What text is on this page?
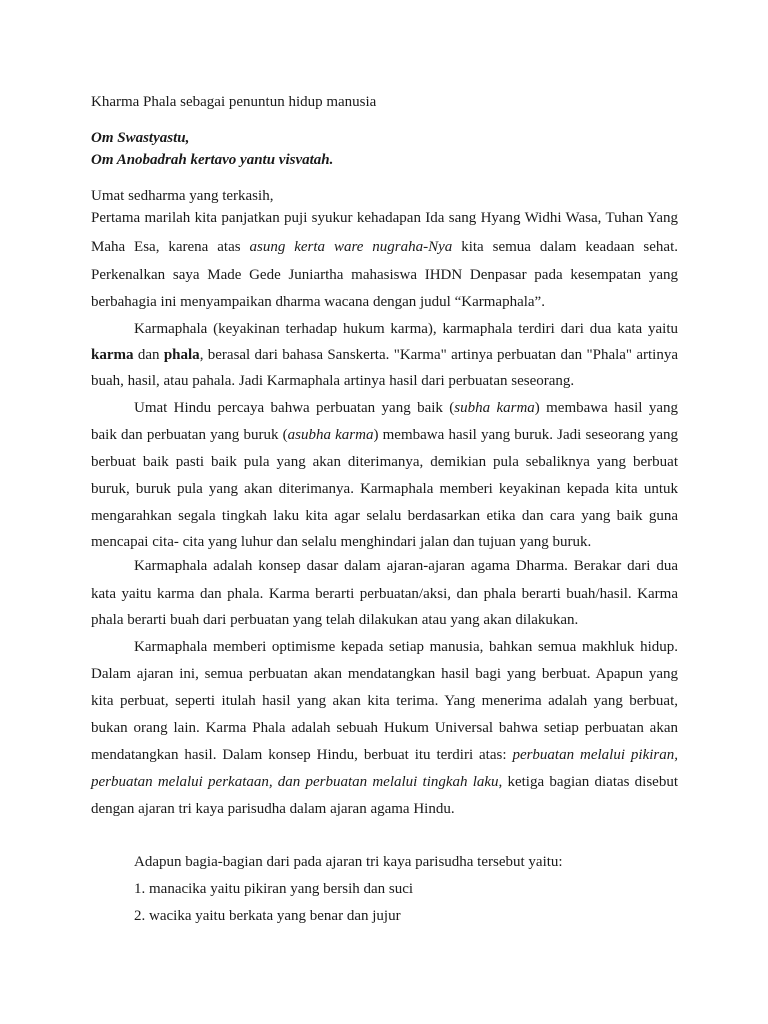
Kharma Phala sebagai penuntun hidup manusia
Om Swastyastu,
Om Anobadrah kertavo yantu visvatah.
Umat sedharma yang terkasih,
Pertama marilah kita panjatkan puji syukur kehadapan Ida sang Hyang Widhi Wasa, Tuhan Yang
Maha Esa, karena atas asung kerta ware nugraha-Nya kita semua dalam keadaan sehat.
Perkenalkan saya Made Gede Juniartha mahasiswa IHDN Denpasar pada kesempatan yang
berbahagia ini menyampaikan dharma wacana dengan judul “Karmaphala”.
Karmaphala (keyakinan terhadap hukum karma), karmaphala terdiri dari dua kata yaitu
karma dan phala, berasal dari bahasa Sanskerta. "Karma" artinya perbuatan dan "Phala" artinya
buah, hasil, atau pahala. Jadi Karmaphala artinya hasil dari perbuatan seseorang.
Umat Hindu percaya bahwa perbuatan yang baik (subha karma) membawa hasil yang
baik dan perbuatan yang buruk (asubha karma) membawa hasil yang buruk. Jadi seseorang yang
berbuat baik pasti baik pula yang akan diterimanya, demikian pula sebaliknya yang berbuat
buruk, buruk pula yang akan diterimanya. Karmaphala memberi keyakinan kepada kita untuk
mengarahkan segala tingkah laku kita agar selalu berdasarkan etika dan cara yang baik guna
mencapai cita- cita yang luhur dan selalu menghindari jalan dan tujuan yang buruk.
Karmaphala adalah konsep dasar dalam ajaran-ajaran agama Dharma. Berakar dari dua
kata yaitu karma dan phala. Karma berarti perbuatan/aksi, dan phala berarti buah/hasil. Karma
phala berarti buah dari perbuatan yang telah dilakukan atau yang akan dilakukan.
Karmaphala memberi optimisme kepada setiap manusia, bahkan semua makhluk hidup.
Dalam ajaran ini, semua perbuatan akan mendatangkan hasil bagi yang berbuat. Apapun yang
kita perbuat, seperti itulah hasil yang akan kita terima. Yang menerima adalah yang berbuat,
bukan orang lain. Karma Phala adalah sebuah Hukum Universal bahwa setiap perbuatan akan
mendatangkan hasil. Dalam konsep Hindu, berbuat itu terdiri atas: perbuatan melalui pikiran,
perbuatan melalui perkataan, dan perbuatan melalui tingkah laku, ketiga bagian diatas disebut
dengan ajaran tri kaya parisudha dalam ajaran agama Hindu.
Adapun bagia-bagian dari pada ajaran tri kaya parisudha tersebut yaitu:
1. manacika yaitu pikiran yang bersih dan suci
2. wacika yaitu berkata yang benar dan jujur
